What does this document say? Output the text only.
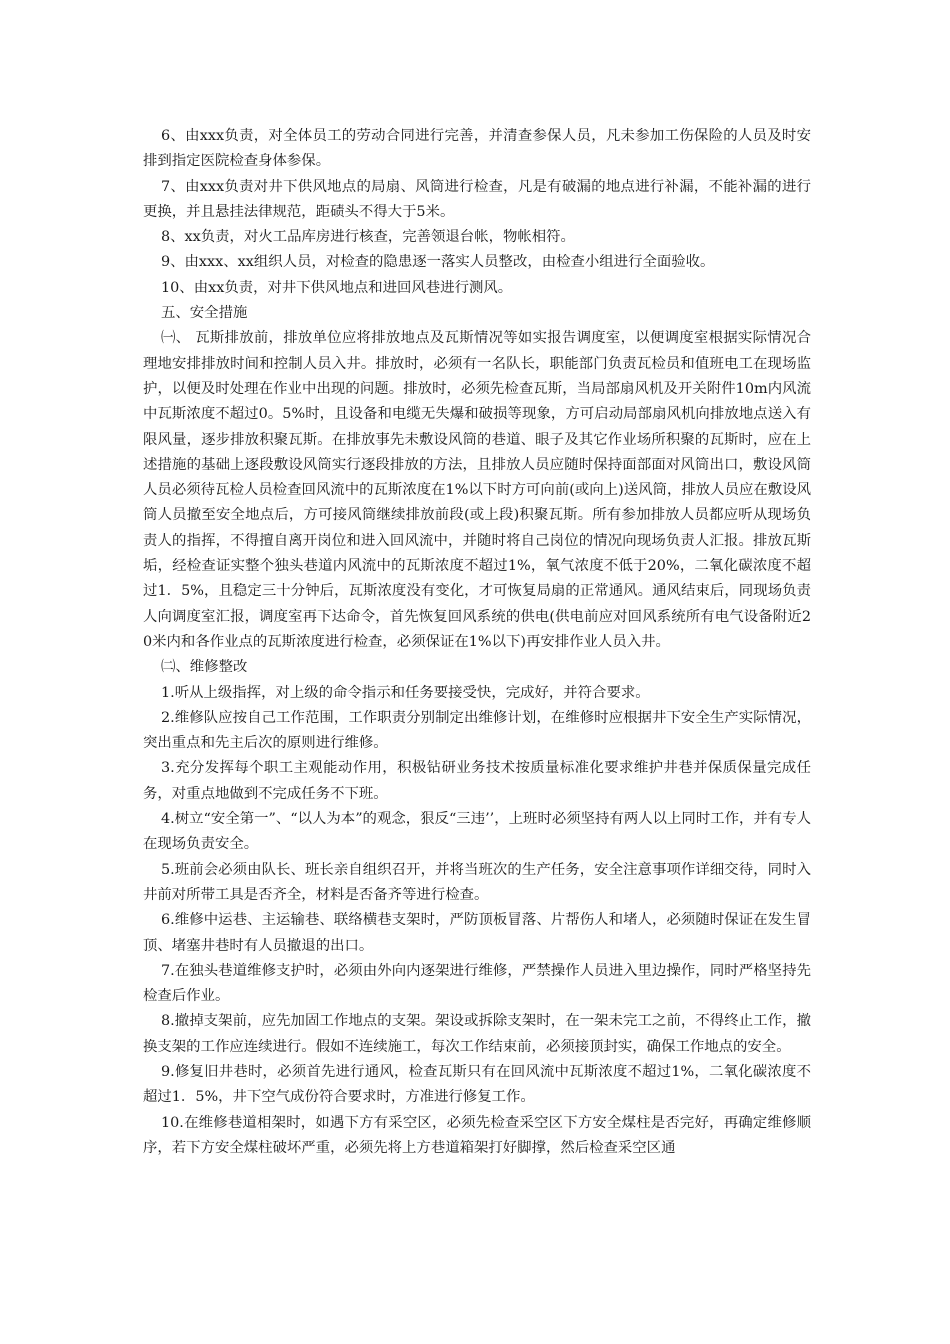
6、由xxx负责，对全体员工的劳动合同进行完善，并清查参保人员，凡未参加工伤保险的人员及时安排到指定医院检查身体参保。

7、由xxx负责对井下供风地点的局扇、风筒进行检查，凡是有破漏的地点进行补漏，不能补漏的进行更换，并且悬挂法律规范，距碛头不得大于5米。

8、xx负责，对火工品库房进行核查，完善领退台帐，物帐相符。

9、由xxx、xx组织人员，对检查的隐患逐一落实人员整改，由检查小组进行全面验收。

10、由xx负责，对井下供风地点和进回风巷进行测风。

五、安全措施

㈠、 瓦斯排放前，排放单位应将排放地点及瓦斯情况等如实报告调度室，以便调度室根据实际情况合理地安排排放时间和控制人员入井。排放时，必须有一名队长，职能部门负责瓦检员和值班电工在现场监护，以便及时处理在作业中出现的问题。排放时，必须先检查瓦斯，当局部扇风机及开关附件10m内风流中瓦斯浓度不超过0。5%时，且设备和电缆无失爆和破损等现象，方可启动局部扇风机向排放地点送入有限风量，逐步排放积聚瓦斯。在排放事先未敷设风筒的巷道、眼子及其它作业场所积聚的瓦斯时，应在上述措施的基础上逐段敷设风筒实行逐段排放的方法，且排放人员应随时保持面部面对风筒出口，敷设风筒人员必须待瓦检人员检查回风流中的瓦斯浓度在1%以下时方可向前(或向上)送风筒，排放人员应在敷设风筒人员撤至安全地点后，方可接风筒继续排放前段(或上段)积聚瓦斯。所有参加排放人员都应听从现场负责人的指挥，不得擅自离开岗位和进入回风流中，并随时将自己岗位的情况向现场负责人汇报。排放瓦斯垢，经检查证实整个独头巷道内风流中的瓦斯浓度不超过1%，氧气浓度不低于20%，二氧化碳浓度不超过1．5%，且稳定三十分钟后，瓦斯浓度没有变化，才可恢复局扇的正常通风。通风结束后，同现场负责人向调度室汇报，调度室再下达命令，首先恢复回风系统的供电(供电前应对回风系统所有电气设备附近20米内和各作业点的瓦斯浓度进行检查，必须保证在1%以下)再安排作业人员入井。

㈡、维修整改

1.听从上级指挥，对上级的命令指示和任务要接受快，完成好，并符合要求。

2.维修队应按自己工作范围，工作职责分别制定出维修计划，在维修时应根据井下安全生产实际情况，突出重点和先主后次的原则进行维修。

3.充分发挥每个职工主观能动作用，积极钻研业务技术按质量标准化要求维护井巷并保质保量完成任务，对重点地做到不完成任务不下班。

4.树立“安全第一”、“以人为本”的观念，狠反“三违’’，上班时必须坚持有两人以上同时工作，并有专人在现场负责安全。

5.班前会必须由队长、班长亲自组织召开，并将当班次的生产任务，安全注意事项作详细交待，同时入井前对所带工具是否齐全，材料是否备齐等进行检查。

6.维修中运巷、主运输巷、联络横巷支架时，严防顶板冒落、片帮伤人和堵人，必须随时保证在发生冒顶、堵塞井巷时有人员撤退的出口。

7.在独头巷道维修支护时，必须由外向内逐架进行维修，严禁操作人员进入里边操作，同时严格坚持先检查后作业。

8.撤掉支架前，应先加固工作地点的支架。架设或拆除支架时，在一架未完工之前，不得终止工作，撤换支架的工作应连续进行。假如不连续施工，每次工作结束前，必须接顶封实，确保工作地点的安全。

9.修复旧井巷时，必须首先进行通风，检查瓦斯只有在回风流中瓦斯浓度不超过1%，二氧化碳浓度不超过1．5%，井下空气成份符合要求时，方准进行修复工作。

10.在维修巷道相架时，如遇下方有采空区，必须先检查采空区下方安全煤柱是否完好，再确定维修顺序，若下方安全煤柱破坏严重，必须先将上方巷道箱架打好脚撑，然后检查采空区通
